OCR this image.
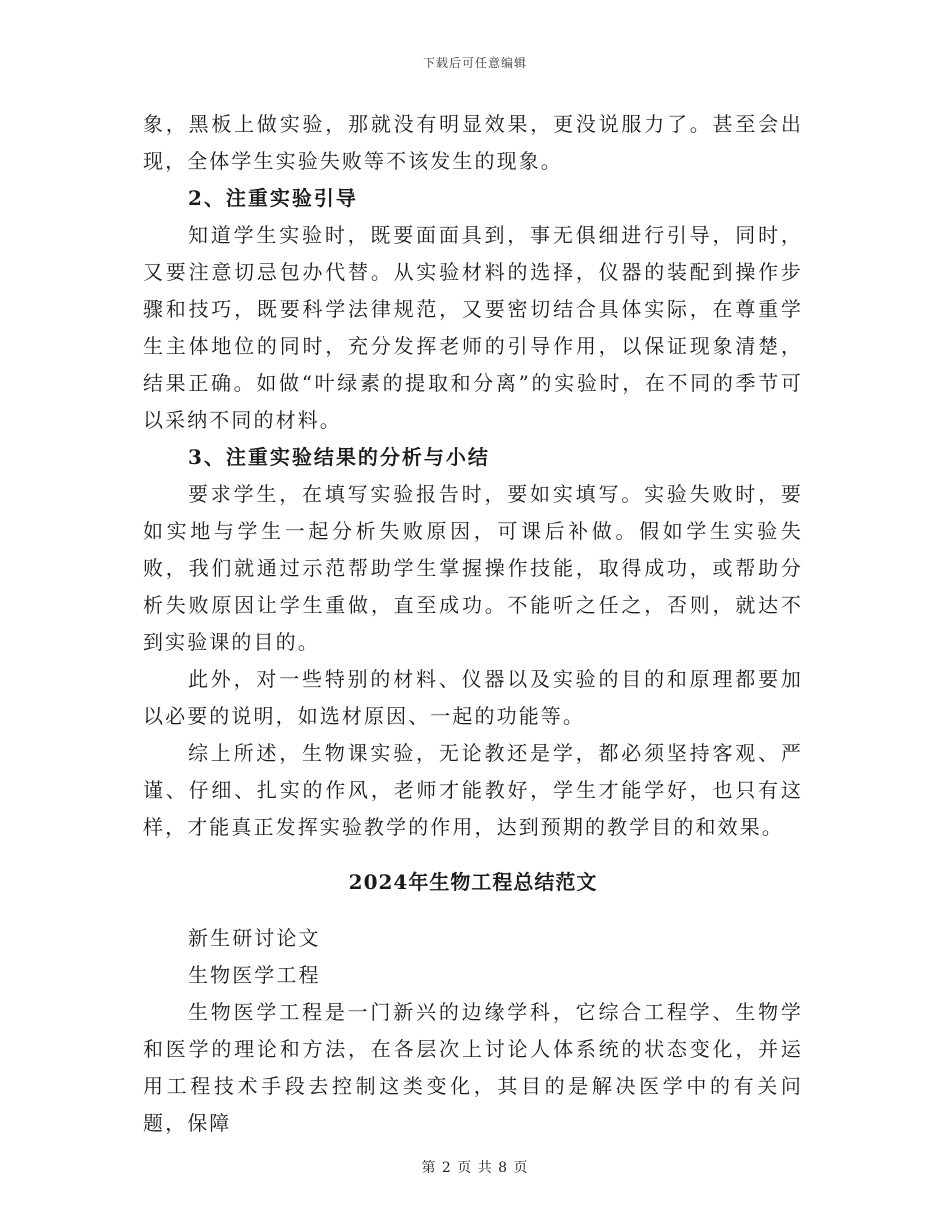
下载后可任意编辑

象，黑板上做实验，那就没有明显效果，更没说服力了。甚至会出现，全体学生实验失败等不该发生的现象。

2、注重实验引导

知道学生实验时，既要面面具到，事无俱细进行引导，同时，又要注意切忌包办代替。从实验材料的选择，仪器的装配到操作步骤和技巧，既要科学法律规范，又要密切结合具体实际，在尊重学生主体地位的同时，充分发挥老师的引导作用，以保证现象清楚，结果正确。如做“叶绿素的提取和分离”的实验时，在不同的季节可以采纳不同的材料。

3、注重实验结果的分析与小结

要求学生，在填写实验报告时，要如实填写。实验失败时，要如实地与学生一起分析失败原因，可课后补做。假如学生实验失败，我们就通过示范帮助学生掌握操作技能，取得成功，或帮助分析失败原因让学生重做，直至成功。不能听之任之，否则，就达不到实验课的目的。

此外，对一些特别的材料、仪器以及实验的目的和原理都要加以必要的说明，如选材原因、一起的功能等。

综上所述，生物课实验，无论教还是学，都必须坚持客观、严谨、仔细、扎实的作风，老师才能教好，学生才能学好，也只有这样，才能真正发挥实验教学的作用，达到预期的教学目的和效果。

2024年生物工程总结范文

新生研讨论文

生物医学工程

生物医学工程是一门新兴的边缘学科，它综合工程学、生物学和医学的理论和方法，在各层次上讨论人体系统的状态变化，并运用工程技术手段去控制这类变化，其目的是解决医学中的有关问题，保障

第 2 页 共 8 页
